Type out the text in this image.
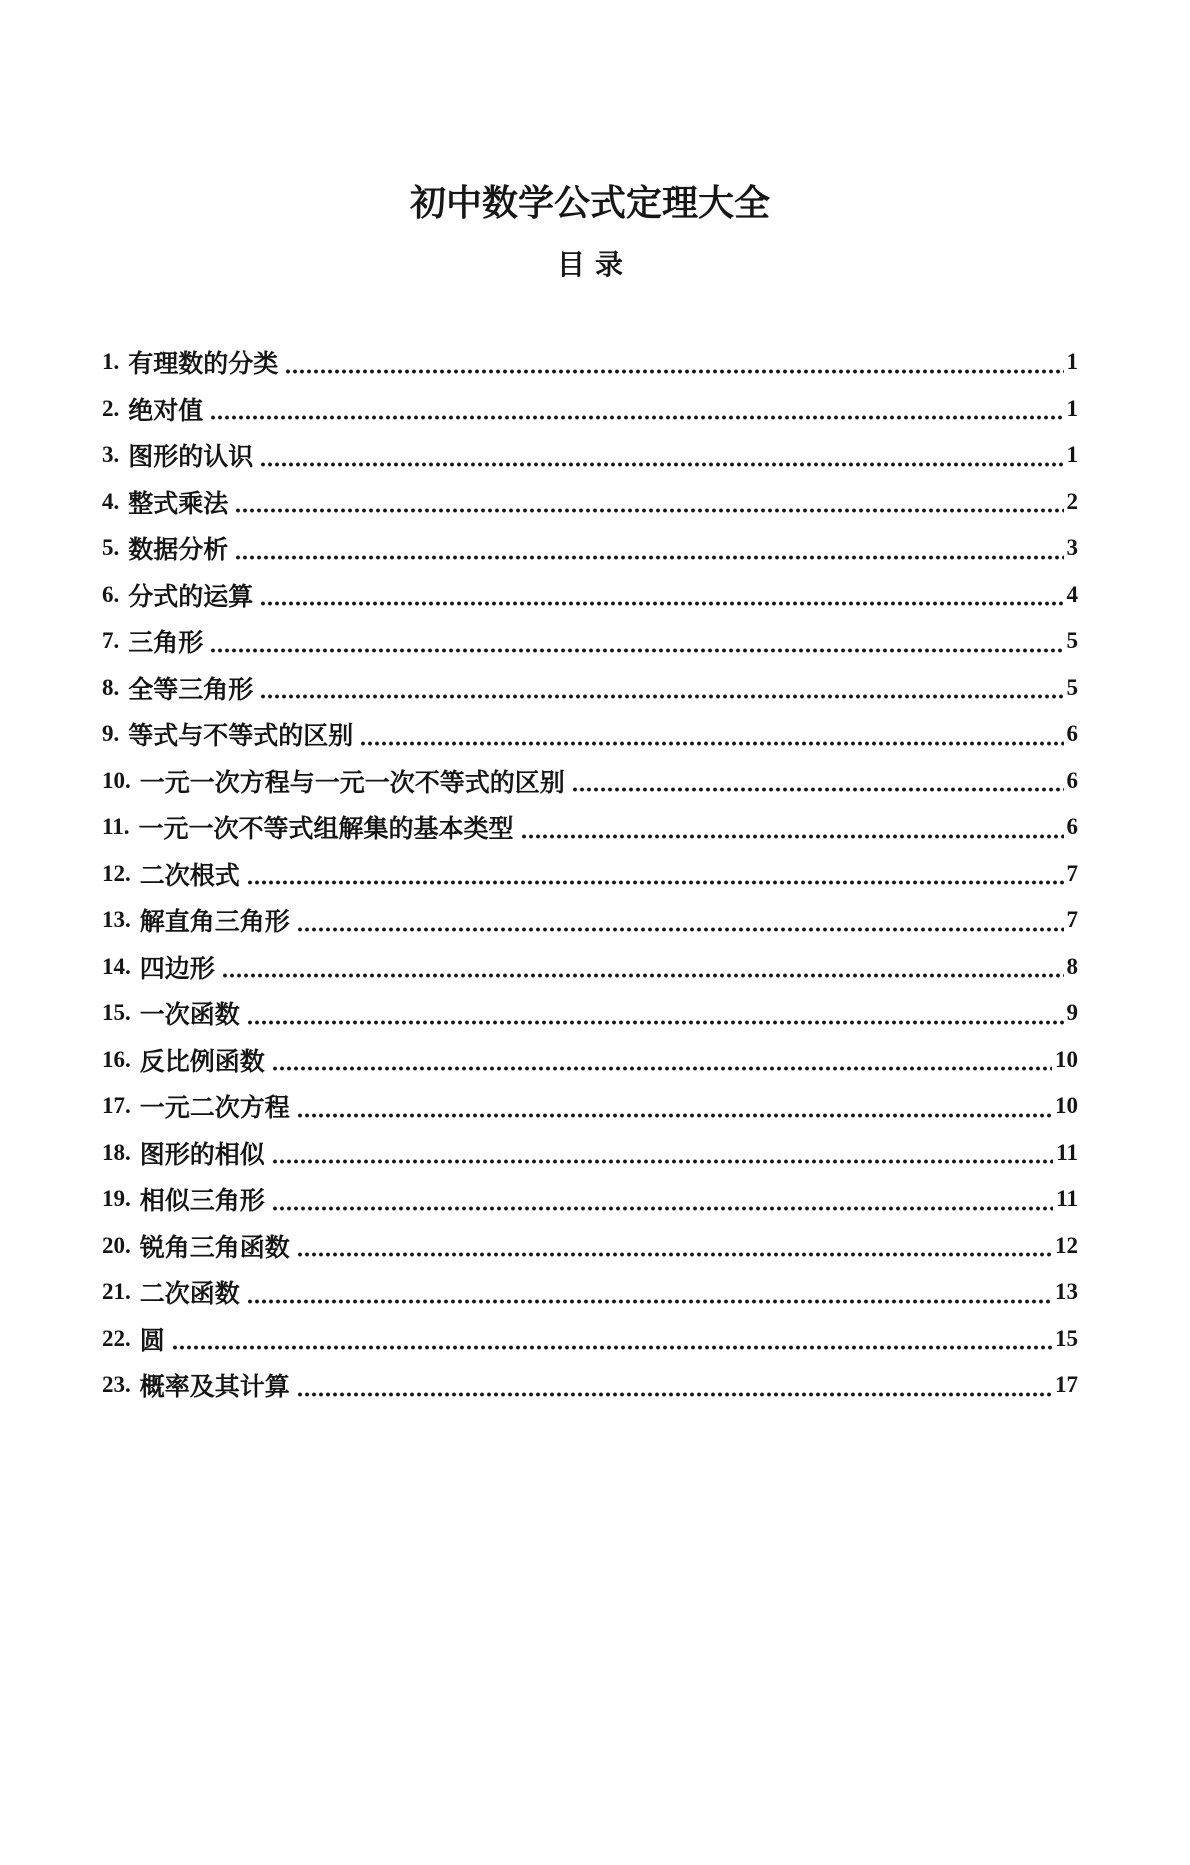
初中数学公式定理大全
目录
1. 有理数的分类	1
2. 绝对值	1
3. 图形的认识	1
4. 整式乘法	2
5. 数据分析	3
6. 分式的运算	4
7. 三角形	5
8. 全等三角形	5
9. 等式与不等式的区别	6
10. 一元一次方程与一元一次不等式的区别	6
11. 一元一次不等式组解集的基本类型	6
12. 二次根式	7
13. 解直角三角形	7
14. 四边形	8
15. 一次函数	9
16. 反比例函数	10
17. 一元二次方程	10
18. 图形的相似	11
19. 相似三角形	11
20. 锐角三角函数	12
21. 二次函数	13
22. 圆	15
23. 概率及其计算	17
